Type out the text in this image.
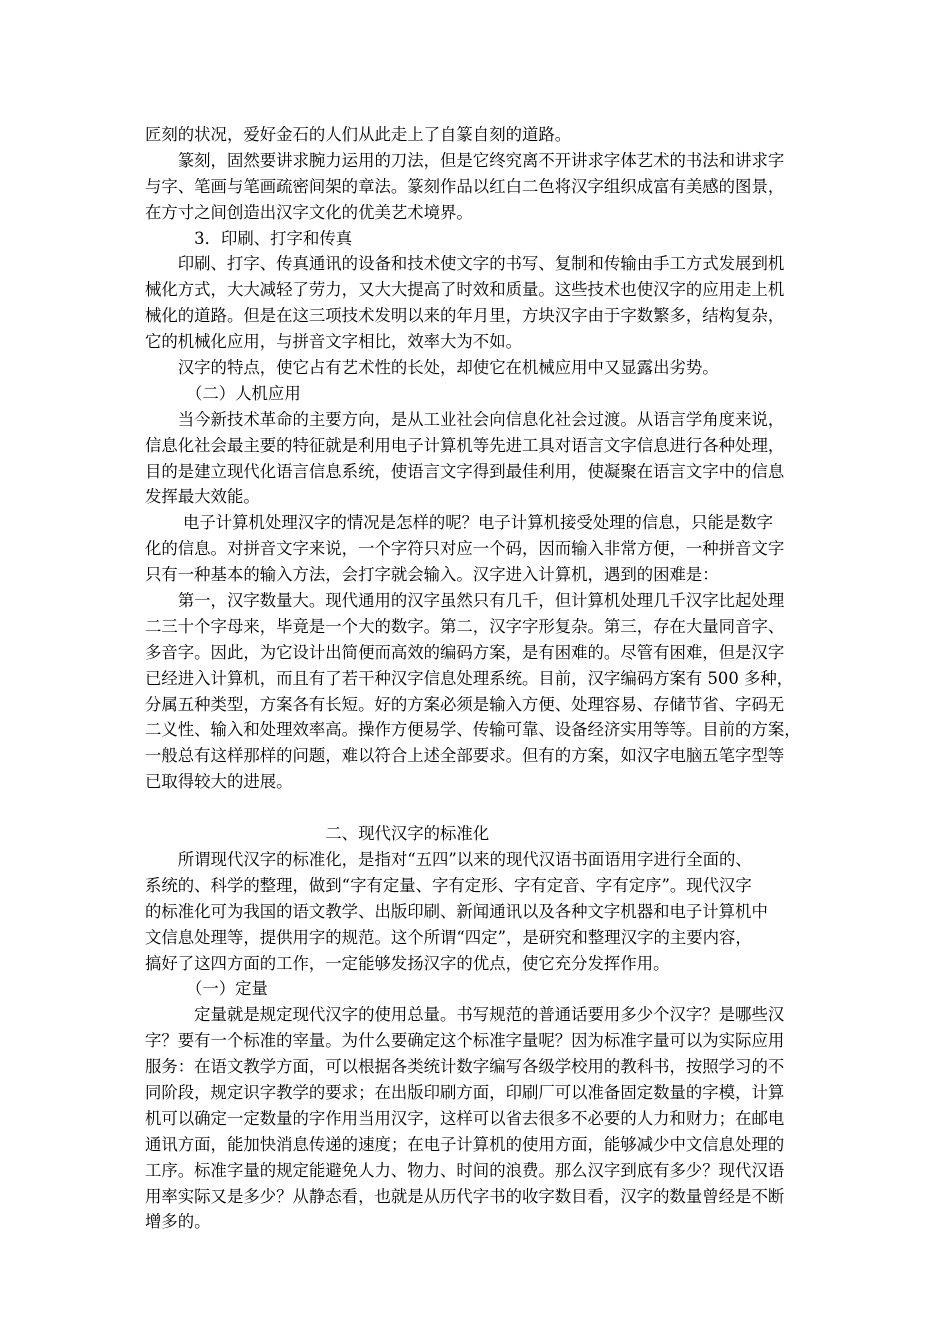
匠刻的状况，爱好金石的人们从此走上了自篆自刻的道路。
　　篆刻，固然要讲求腕力运用的刀法，但是它终究离不开讲求字体艺术的书法和讲求字
与字、笔画与笔画疏密间架的章法。篆刻作品以红白二色将汉字组织成富有美感的图景，
在方寸之间创造出汉字文化的优美艺术境界。
　　　3．印刷、打字和传真
　　印刷、打字、传真通讯的设备和技术使文字的书写、复制和传输由手工方式发展到机
械化方式，大大减轻了劳力，又大大提高了时效和质量。这些技术也使汉字的应用走上机
械化的道路。但是在这三项技术发明以来的年月里，方块汉字由于字数繁多，结构复杂，
它的机械化应用，与拼音文字相比，效率大为不如。
　　汉字的特点，使它占有艺术性的长处，却使它在机械应用中又显露出劣势。
　　　（二）人机应用
　　当今新技术革命的主要方向，是从工业社会向信息化社会过渡。从语言学角度来说，
信息化社会最主要的特征就是利用电子计算机等先进工具对语言文字信息进行各种处理，
目的是建立现代化语言信息系统，使语言文字得到最佳利用，使凝聚在语言文字中的信息
发挥最大效能。
　　 电子计算机处理汉字的情况是怎样的呢？电子计算机接受处理的信息，只能是数字
化的信息。对拼音文字来说，一个字符只对应一个码，因而输入非常方便，一种拼音文字
只有一种基本的输入方法，会打字就会输入。汉字进入计算机，遇到的困难是：
　　第一，汉字数量大。现代通用的汉字虽然只有几千，但计算机处理几千汉字比起处理
二三十个字母来，毕竟是一个大的数字。第二，汉字字形复杂。第三，存在大量同音字、
多音字。因此，为它设计出简便而高效的编码方案，是有困难的。尽管有困难，但是汉字
已经进入计算机，而且有了若干种汉字信息处理系统。目前，汉字编码方案有 500 多种，
分属五种类型，方案各有长短。好的方案必须是输入方便、处理容易、存储节省、字码无
二义性、输入和处理效率高。操作方便易学、传输可靠、设备经济实用等等。目前的方案，
一般总有这样那样的问题，难以符合上述全部要求。但有的方案，如汉字电脑五笔字型等
已取得较大的进展。
　　　　　　　　　　　二、现代汉字的标准化
　　所谓现代汉字的标准化，是指对“五四”以来的现代汉语书面语用字进行全面的、
系统的、科学的整理，做到“字有定量、字有定形、字有定音、字有定序”。现代汉字
的标准化可为我国的语文教学、出版印刷、新闻通讯以及各种文字机器和电子计算机中
文信息处理等，提供用字的规范。这个所谓“四定”，是研究和整理汉字的主要内容，
搞好了这四方面的工作，一定能够发扬汉字的优点，使它充分发挥作用。
　　　（一）定量
　　　定量就是规定现代汉字的使用总量。书写规范的普通话要用多少个汉字？是哪些汉
字？要有一个标准的宰量。为什么要确定这个标准字量呢？因为标准字量可以为实际应用
服务：在语文教学方面，可以根据各类统计数字编写各级学校用的教科书，按照学习的不
同阶段，规定识字教学的要求；在出版印刷方面，印刷厂可以准备固定数量的字模，计算
机可以确定一定数量的字作用当用汉字，这样可以省去很多不必要的人力和财力；在邮电
通讯方面，能加快消息传递的速度；在电子计算机的使用方面，能够减少中文信息处理的
工序。标准字量的规定能避免人力、物力、时间的浪费。那么汉字到底有多少？现代汉语
用率实际又是多少？从静态看，也就是从历代字书的收字数目看，汉字的数量曾经是不断
增多的。
